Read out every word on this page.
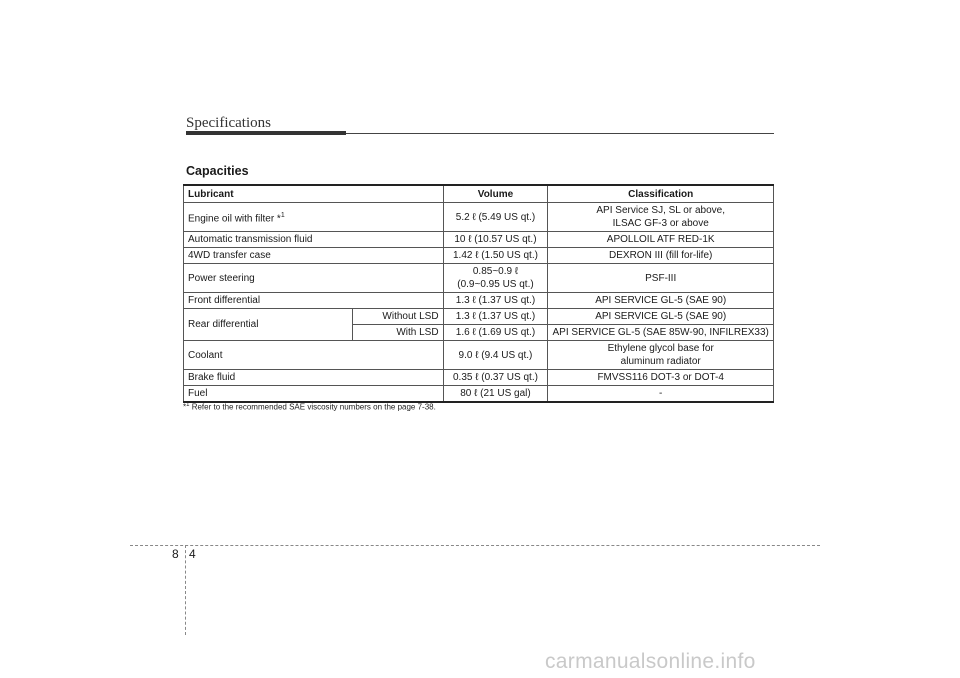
Specifications
Capacities
Lubricant		Volume	Classification
Engine oil with filter *$^1$		5.2 ℓ (5.49 US qt.)	API Service SJ, SL or above,
ILSAC GF-3 or above
Automatic transmission fluid		10 ℓ (10.57 US qt.)	APOLLOIL ATF RED-1K
4WD transfer case		1.42 ℓ (1.50 US qt.)	DEXRON III (fill for-life)
Power steering		0.85~0.9 ℓ
(0.9~0.95 US qt.)	PSF-III
Front differential		1.3 ℓ (1.37 US qt.)	API SERVICE GL-5 (SAE 90)
Rear differential	Without LSD	1.3 ℓ (1.37 US qt.)	API SERVICE GL-5 (SAE 90)
	With LSD	1.6 ℓ (1.69 US qt.)	API SERVICE GL-5 (SAE 85W-90, INFILREX33)
Coolant		9.0 ℓ (9.4 US qt.)	Ethylene glycol base for
aluminum radiator
Brake fluid		0.35 ℓ (0.37 US qt.)	FMVSS116 DOT-3 or DOT-4
Fuel		80 ℓ (21 US gal)	-
*$^1$ Refer to the recommended SAE viscosity numbers on the page 7-38.
8 4
carmanualsonline.info
